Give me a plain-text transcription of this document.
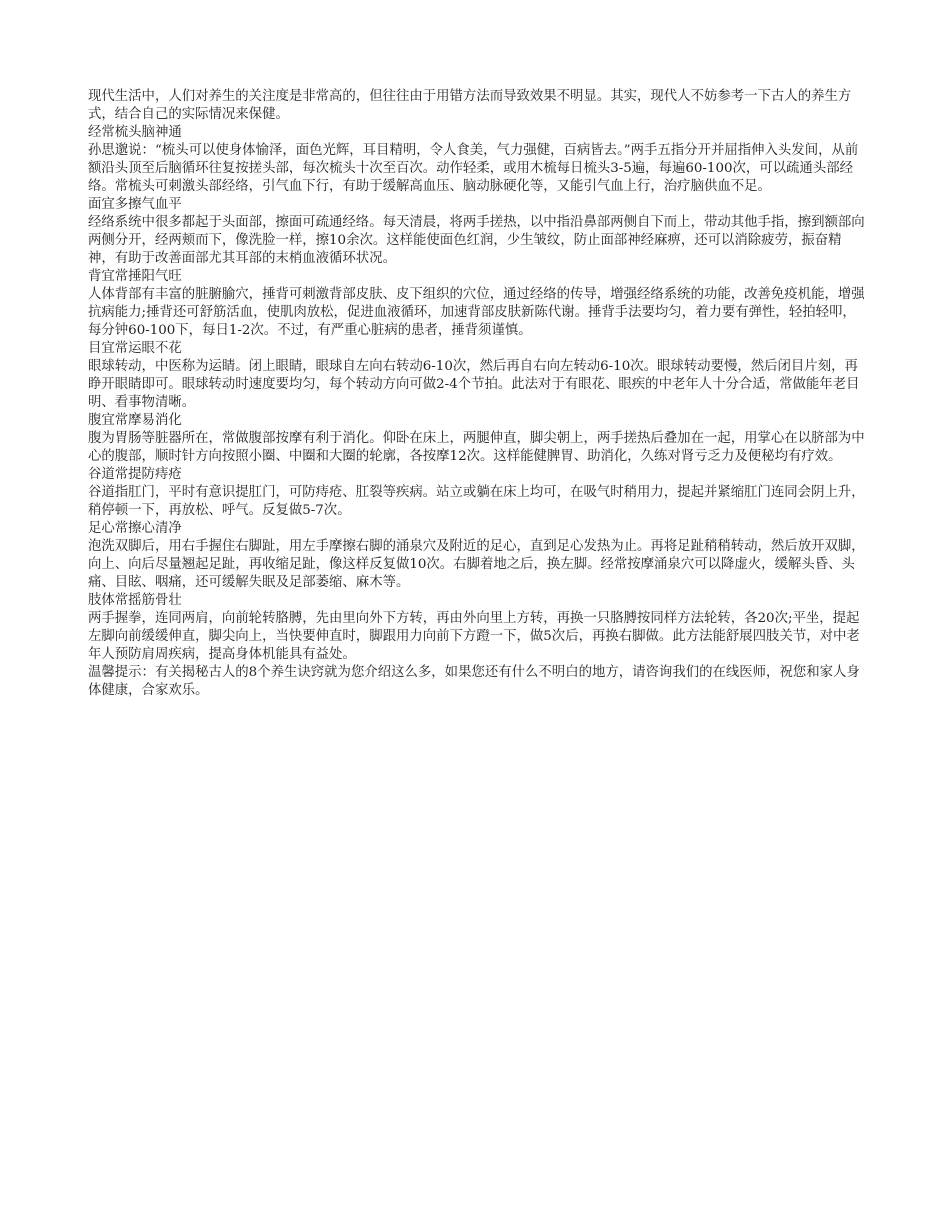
现代生活中，人们对养生的关注度是非常高的，但往往由于用错方法而导致效果不明显。其实，现代人不妨参考一下古人的养生方式，结合自己的实际情况来保健。

经常梳头脑神通

孙思邈说：“梳头可以使身体愉泽，面色光辉，耳目精明，令人食美，气力强健，百病皆去。”两手五指分开并屈指伸入头发间，从前额沿头顶至后脑循环往复按搓头部，每次梳头十次至百次。动作轻柔，或用木梳每日梳头3-5遍，每遍60-100次，可以疏通头部经络。常梳头可刺激头部经络，引气血下行，有助于缓解高血压、脑动脉硬化等，又能引气血上行，治疗脑供血不足。

面宜多擦气血平

经络系统中很多都起于头面部，擦面可疏通经络。每天清晨，将两手搓热，以中指沿鼻部两侧自下而上，带动其他手指，擦到额部向两侧分开，经两颊而下，像洗脸一样，擦10余次。这样能使面色红润，少生皱纹，防止面部神经麻痹，还可以消除疲劳，振奋精神，有助于改善面部尤其耳部的末梢血液循环状况。

背宜常捶阳气旺

人体背部有丰富的脏腑腧穴，捶背可刺激背部皮肤、皮下组织的穴位，通过经络的传导，增强经络系统的功能，改善免疫机能，增强抗病能力;捶背还可舒筋活血，使肌肉放松，促进血液循环，加速背部皮肤新陈代谢。捶背手法要均匀，着力要有弹性，轻拍轻叩，每分钟60-100下，每日1-2次。不过，有严重心脏病的患者，捶背须谨慎。

目宜常运眼不花

眼球转动，中医称为运睛。闭上眼睛，眼球自左向右转动6-10次，然后再自右向左转动6-10次。眼球转动要慢，然后闭目片刻，再睁开眼睛即可。眼球转动时速度要均匀，每个转动方向可做2-4个节拍。此法对于有眼花、眼疾的中老年人十分合适，常做能年老目明、看事物清晰。

腹宜常摩易消化

腹为胃肠等脏器所在，常做腹部按摩有利于消化。仰卧在床上，两腿伸直，脚尖朝上，两手搓热后叠加在一起，用掌心在以脐部为中心的腹部，顺时针方向按照小圈、中圈和大圈的轮廓，各按摩12次。这样能健脾胃、助消化，久练对肾亏乏力及便秘均有疗效。

谷道常提防痔疮

谷道指肛门，平时有意识提肛门，可防痔疮、肛裂等疾病。站立或躺在床上均可，在吸气时稍用力，提起并紧缩肛门连同会阴上升，稍停顿一下，再放松、呼气。反复做5-7次。

足心常擦心清净

泡洗双脚后，用右手握住右脚趾，用左手摩擦右脚的涌泉穴及附近的足心，直到足心发热为止。再将足趾稍稍转动，然后放开双脚，向上、向后尽量翘起足趾，再收缩足趾，像这样反复做10次。右脚着地之后，换左脚。经常按摩涌泉穴可以降虚火，缓解头昏、头痛、目眩、咽痛，还可缓解失眠及足部萎缩、麻木等。

肢体常摇筋骨壮

两手握拳，连同两肩，向前轮转胳膊，先由里向外下方转，再由外向里上方转，再换一只胳膊按同样方法轮转，各20次;平坐，提起左脚向前缓缓伸直，脚尖向上，当快要伸直时，脚跟用力向前下方蹬一下，做5次后，再换右脚做。此方法能舒展四肢关节，对中老年人预防肩周疾病，提高身体机能具有益处。

温馨提示：有关揭秘古人的8个养生诀窍就为您介绍这么多，如果您还有什么不明白的地方，请咨询我们的在线医师，祝您和家人身体健康，合家欢乐。
